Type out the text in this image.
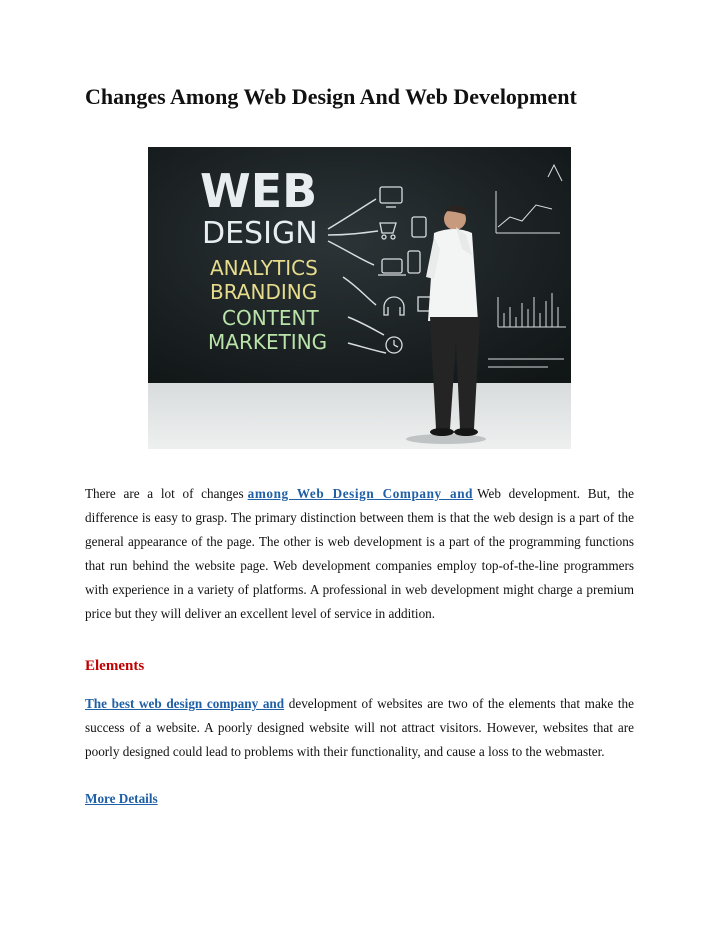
Changes Among Web Design And Web Development
WEB
DESIGN
ANALYTICS
BRANDING
CONTENT
MARKETING

There are a lot of changes among Web Design Company and Web development. But, the difference is easy to grasp. The primary distinction between them is that the web design is a part of the general appearance of the page. The other is web development is a part of the programming functions that run behind the website page. Web development companies employ top-of-the-line programmers with experience in a variety of platforms. A professional in web development might charge a premium price but they will deliver an excellent level of service in addition.

Elements

The best web design company and development of websites are two of the elements that make the success of a website. A poorly designed website will not attract visitors. However, websites that are poorly designed could lead to problems with their functionality, and cause a loss to the webmaster.

More Details
